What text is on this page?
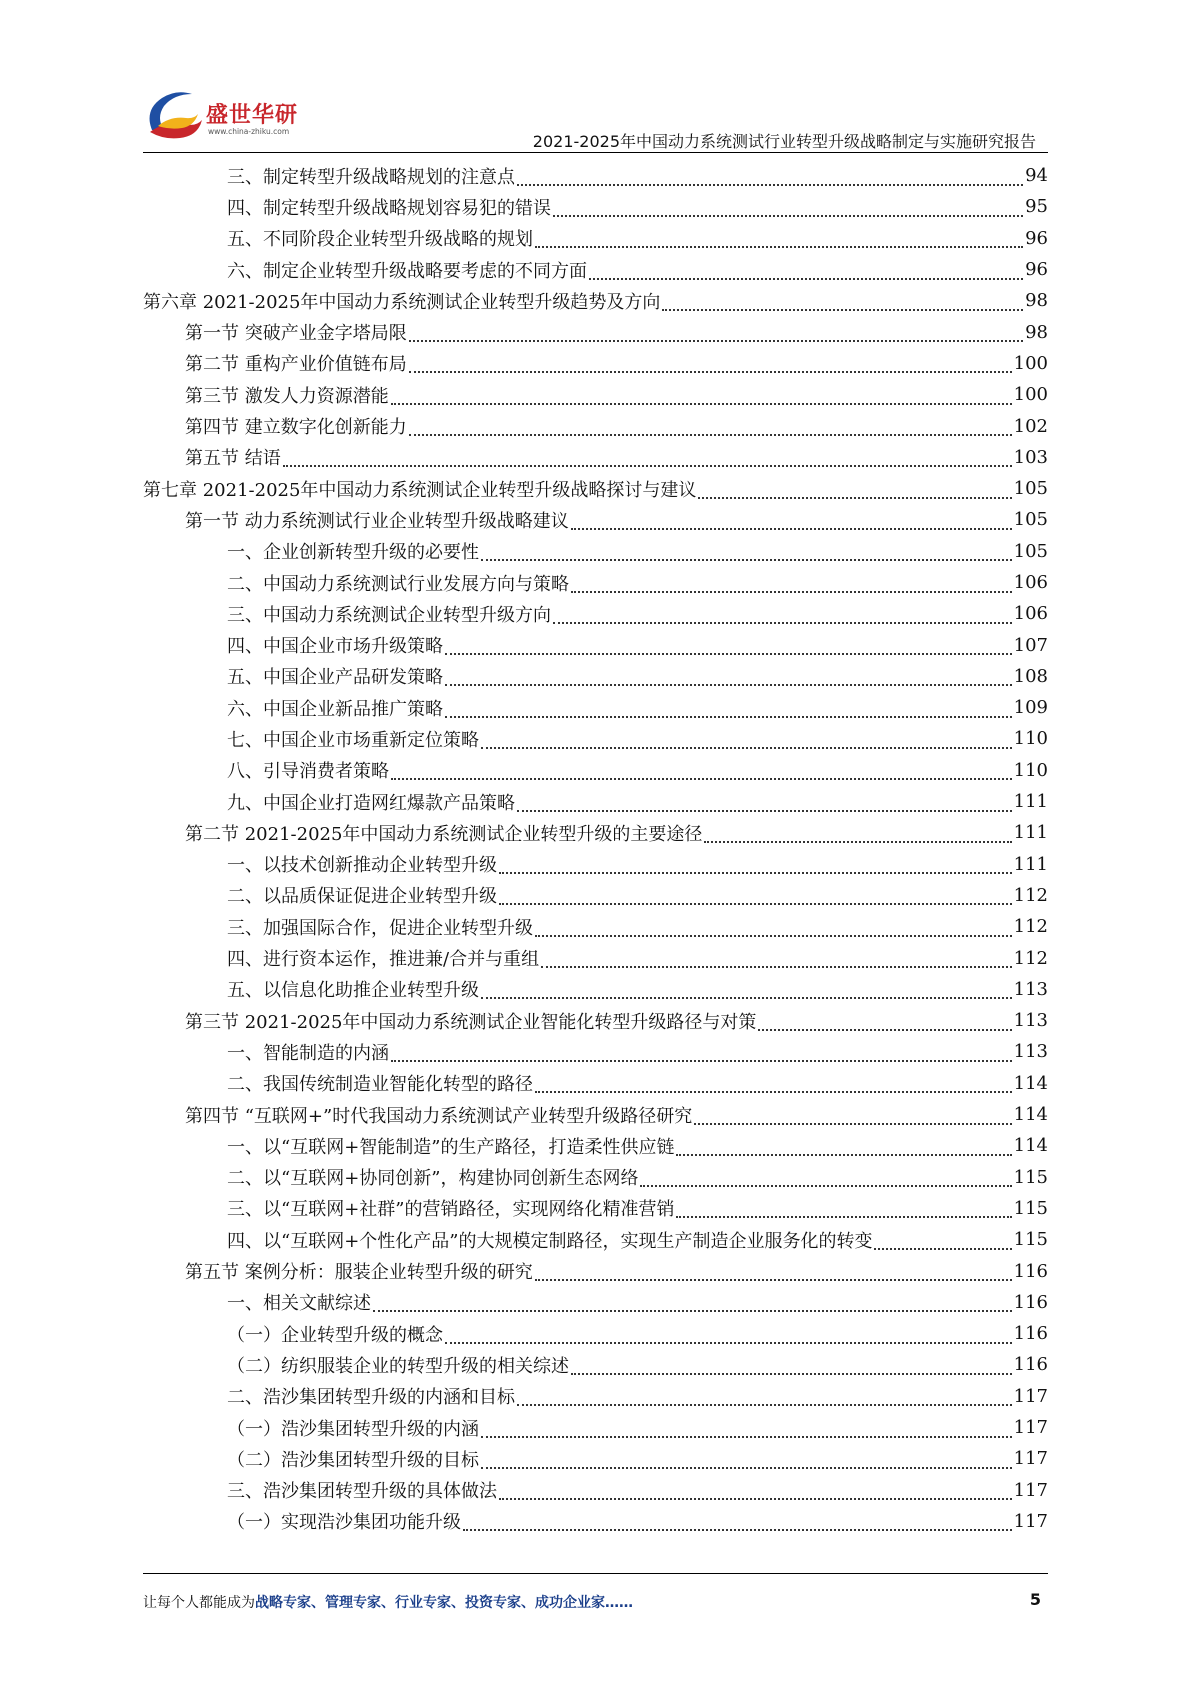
盛世华研
www.china-zhiku.com
2021-2025年中国动力系统测试行业转型升级战略制定与实施研究报告
三、制定转型升级战略规划的注意点	94
四、制定转型升级战略规划容易犯的错误	95
五、不同阶段企业转型升级战略的规划	96
六、制定企业转型升级战略要考虑的不同方面	96
第六章 2021-2025年中国动力系统测试企业转型升级趋势及方向	98
第一节 突破产业金字塔局限	98
第二节 重构产业价值链布局	100
第三节 激发人力资源潜能	100
第四节 建立数字化创新能力	102
第五节 结语	103
第七章 2021-2025年中国动力系统测试企业转型升级战略探讨与建议	105
第一节 动力系统测试行业企业转型升级战略建议	105
一、企业创新转型升级的必要性	105
二、中国动力系统测试行业发展方向与策略	106
三、中国动力系统测试企业转型升级方向	106
四、中国企业市场升级策略	107
五、中国企业产品研发策略	108
六、中国企业新品推广策略	109
七、中国企业市场重新定位策略	110
八、引导消费者策略	110
九、中国企业打造网红爆款产品策略	111
第二节 2021-2025年中国动力系统测试企业转型升级的主要途径	111
一、以技术创新推动企业转型升级	111
二、以品质保证促进企业转型升级	112
三、加强国际合作，促进企业转型升级	112
四、进行资本运作，推进兼/合并与重组	112
五、以信息化助推企业转型升级	113
第三节 2021-2025年中国动力系统测试企业智能化转型升级路径与对策	113
一、智能制造的内涵	113
二、我国传统制造业智能化转型的路径	114
第四节 “互联网+”时代我国动力系统测试产业转型升级路径研究	114
一、以“互联网+智能制造”的生产路径，打造柔性供应链	114
二、以“互联网+协同创新”，构建协同创新生态网络	115
三、以“互联网+社群”的营销路径，实现网络化精准营销	115
四、以“互联网+个性化产品”的大规模定制路径，实现生产制造企业服务化的转变	115
第五节 案例分析：服装企业转型升级的研究	116
一、相关文献综述	116
（一）企业转型升级的概念	116
（二）纺织服装企业的转型升级的相关综述	116
二、浩沙集团转型升级的内涵和目标	117
（一）浩沙集团转型升级的内涵	117
（二）浩沙集团转型升级的目标	117
三、浩沙集团转型升级的具体做法	117
（一）实现浩沙集团功能升级	117
让每个人都能成为战略专家、管理专家、行业专家、投资专家、成功企业家……	5
